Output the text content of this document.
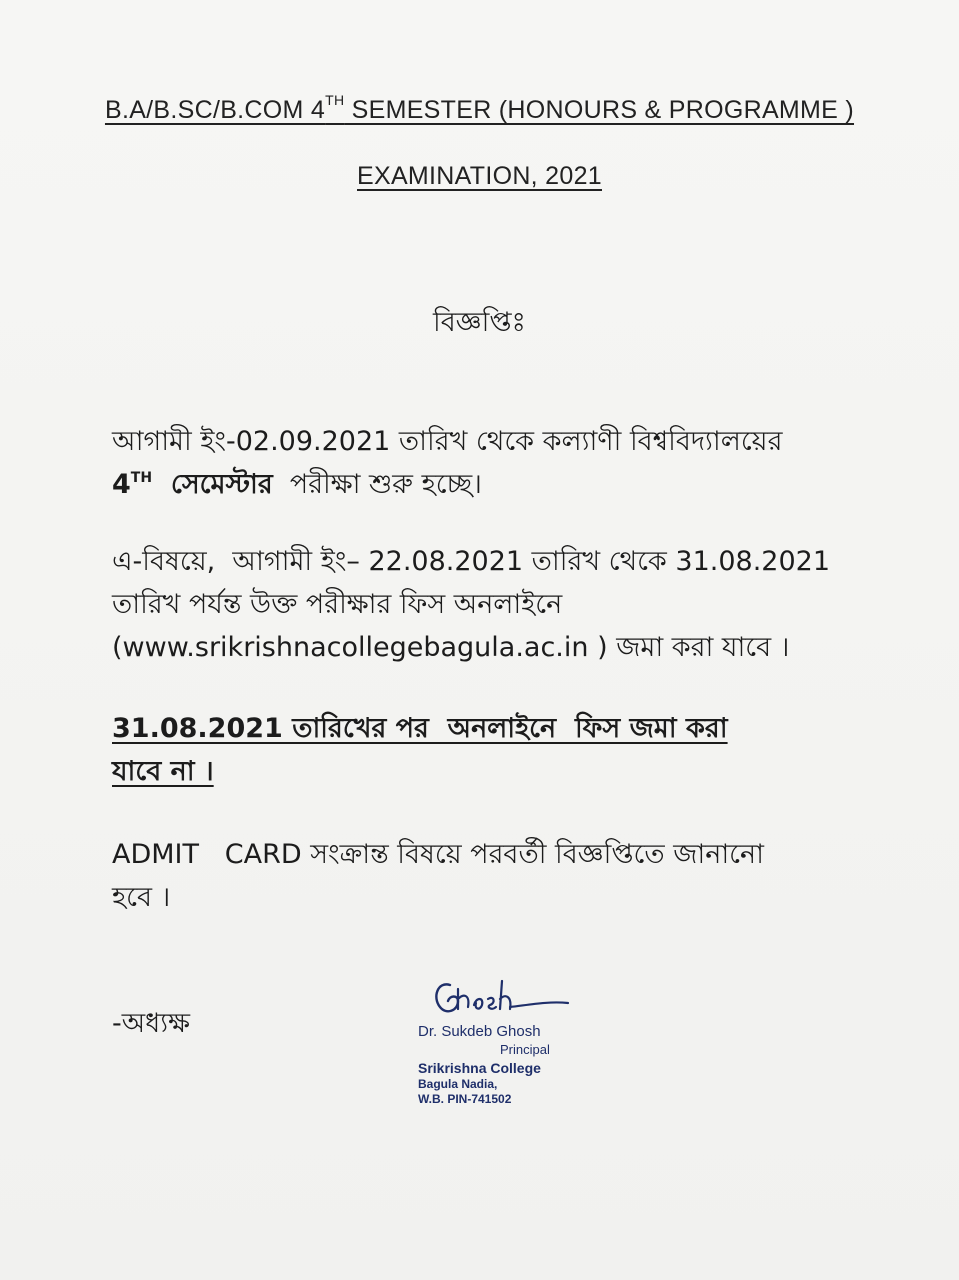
B.A/B.SC/B.COM 4TH SEMESTER (HONOURS & PROGRAMME )
EXAMINATION, 2021
বিজ্ঞপ্তিঃ
আগামী ইং-02.09.2021 তারিখ থেকে কল্যাণী বিশ্ববিদ্যালয়ের
4TH  সেমেস্টার  পরীক্ষা শুরু হচ্ছে।
এ-বিষয়ে,  আগামী ইং– 22.08.2021 তারিখ থেকে 31.08.2021
তারিখ পর্যন্ত উক্ত পরীক্ষার ফিস অনলাইনে
(www.srikrishnacollegebagula.ac.in ) জমা করা যাবে ।
31.08.2021 তারিখের পর  অনলাইনে  ফিস জমা করা
যাবে না ।
ADMIT   CARD সংক্রান্ত বিষয়ে পরবর্তী বিজ্ঞপ্তিতে জানানো
হবে ।
-অধ্যক্ষ
Ghosh
Dr. Sukdeb Ghosh
Principal
Srikrishna College
Bagula Nadia,
W.B. PIN-741502
